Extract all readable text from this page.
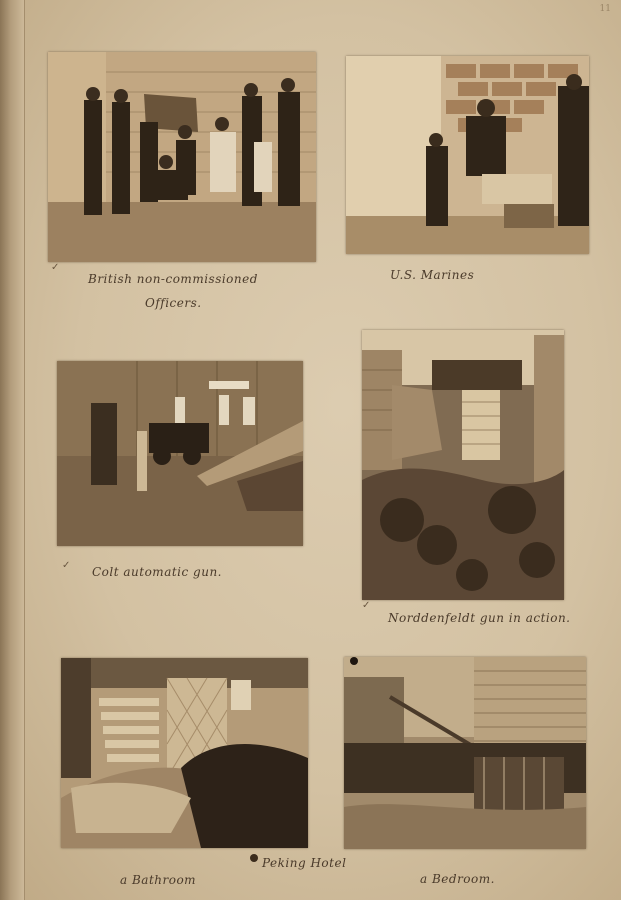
11
✓
✓
✓
British non-commissioned
Officers.
U.S. Marines
Colt automatic gun.
Norddenfeldt gun in action.
Peking Hotel
a Bathroom	a Bedroom.
